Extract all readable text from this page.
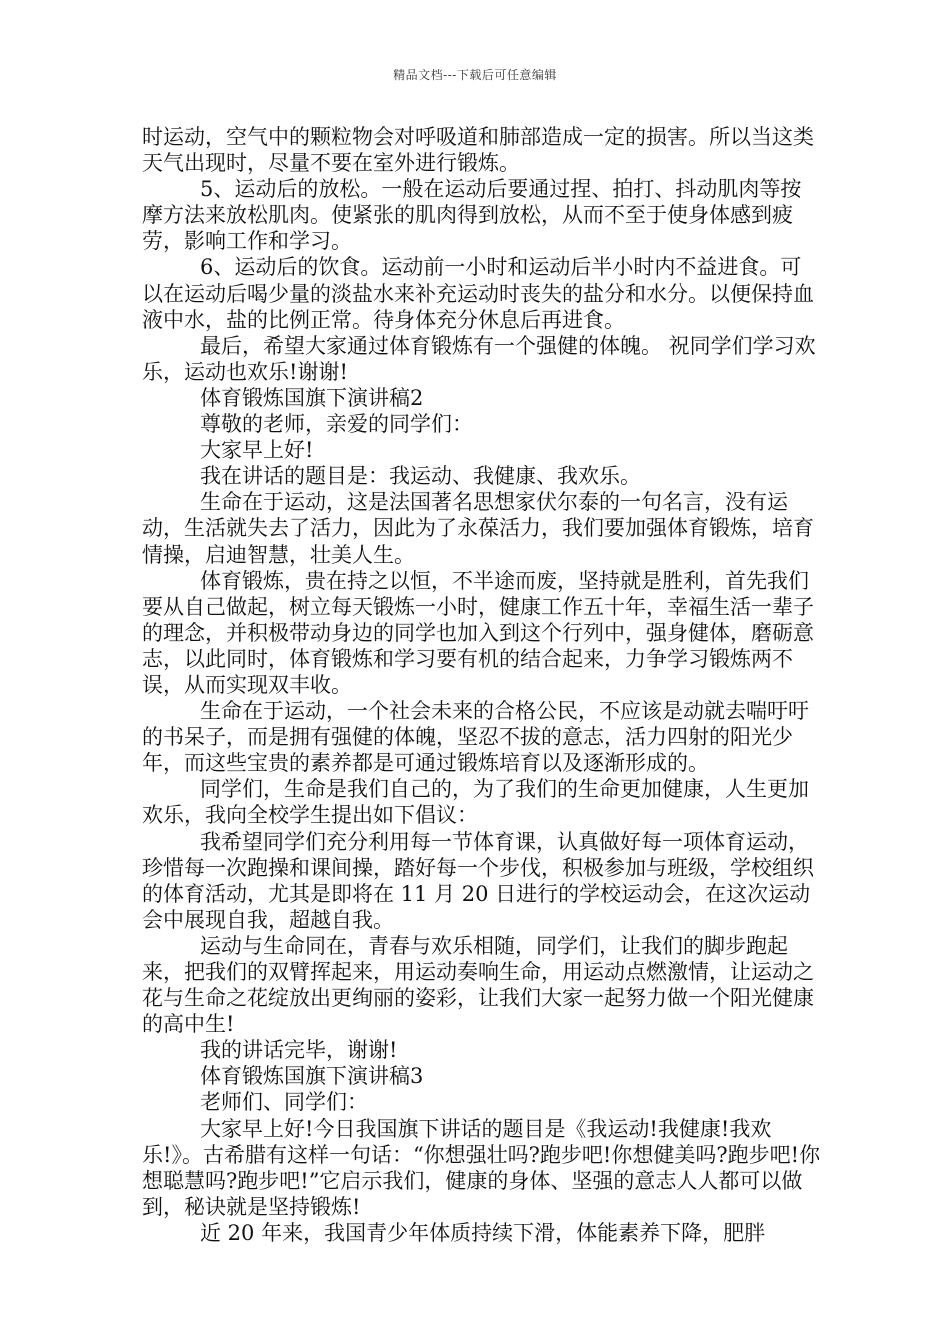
精品文档---下载后可任意编辑

时运动，空气中的颗粒物会对呼吸道和肺部造成一定的损害。所以当这类天气出现时，尽量不要在室外进行锻炼。

5、运动后的放松。一般在运动后要通过捏、拍打、抖动肌肉等按摩方法来放松肌肉。使紧张的肌肉得到放松，从而不至于使身体感到疲劳，影响工作和学习。

6、运动后的饮食。运动前一小时和运动后半小时内不益进食。可以在运动后喝少量的淡盐水来补充运动时丧失的盐分和水分。以便保持血液中水，盐的比例正常。待身体充分休息后再进食。

最后，希望大家通过体育锻炼有一个强健的体魄。 祝同学们学习欢乐，运动也欢乐!谢谢!

体育锻炼国旗下演讲稿2

尊敬的老师，亲爱的同学们：

大家早上好!

我在讲话的题目是：我运动、我健康、我欢乐。

生命在于运动，这是法国著名思想家伏尔泰的一句名言，没有运动，生活就失去了活力，因此为了永葆活力，我们要加强体育锻炼，培育情操，启迪智慧，壮美人生。

体育锻炼，贵在持之以恒，不半途而废，坚持就是胜利，首先我们要从自己做起，树立每天锻炼一小时，健康工作五十年，幸福生活一辈子的理念，并积极带动身边的同学也加入到这个行列中，强身健体，磨砺意志，以此同时，体育锻炼和学习要有机的结合起来，力争学习锻炼两不误，从而实现双丰收。

生命在于运动，一个社会未来的合格公民，不应该是动就去喘吁吁的书呆子，而是拥有强健的体魄，坚忍不拔的意志，活力四射的阳光少年，而这些宝贵的素养都是可通过锻炼培育以及逐渐形成的。

同学们，生命是我们自己的，为了我们的生命更加健康，人生更加欢乐，我向全校学生提出如下倡议：

我希望同学们充分利用每一节体育课，认真做好每一项体育运动，珍惜每一次跑操和课间操，踏好每一个步伐，积极参加与班级，学校组织的体育活动，尤其是即将在 11 月 20 日进行的学校运动会，在这次运动会中展现自我，超越自我。

运动与生命同在，青春与欢乐相随，同学们，让我们的脚步跑起来，把我们的双臂挥起来，用运动奏响生命，用运动点燃激情，让运动之花与生命之花绽放出更绚丽的姿彩，让我们大家一起努力做一个阳光健康的高中生!

我的讲话完毕，谢谢!

体育锻炼国旗下演讲稿3

老师们、同学们：

大家早上好!今日我国旗下讲话的题目是《我运动!我健康!我欢乐!》。古希腊有这样一句话：“你想强壮吗?跑步吧!你想健美吗?跑步吧!你想聪慧吗?跑步吧!”它启示我们，健康的身体、坚强的意志人人都可以做到，秘诀就是坚持锻炼!

近 20 年来，我国青少年体质持续下滑，体能素养下降，肥胖
